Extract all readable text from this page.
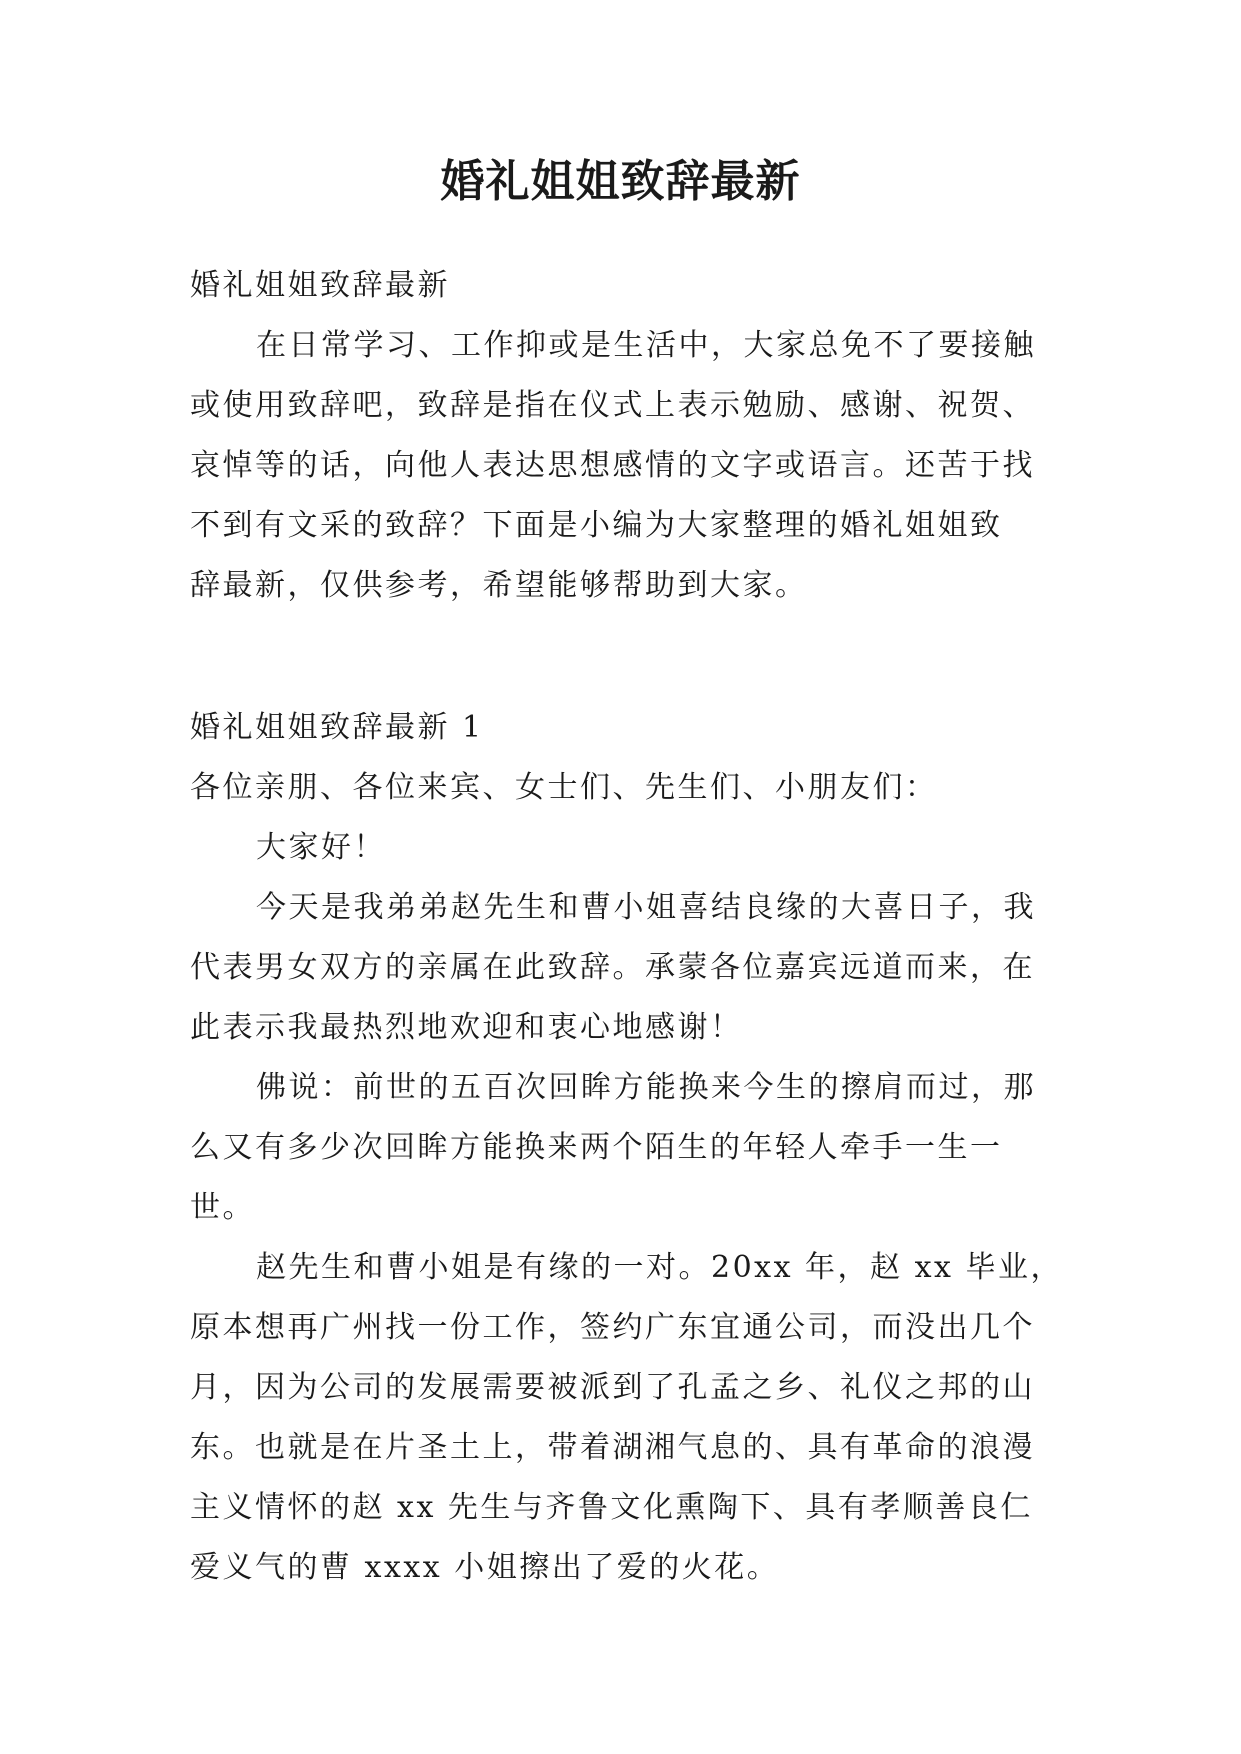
婚礼姐姐致辞最新
婚礼姐姐致辞最新
在日常学习、工作抑或是生活中，大家总免不了要接触
或使用致辞吧，致辞是指在仪式上表示勉励、感谢、祝贺、
哀悼等的话，向他人表达思想感情的文字或语言。还苦于找
不到有文采的致辞？下面是小编为大家整理的婚礼姐姐致
辞最新，仅供参考，希望能够帮助到大家。
婚礼姐姐致辞最新 1
各位亲朋、各位来宾、女士们、先生们、小朋友们：
大家好！
今天是我弟弟赵先生和曹小姐喜结良缘的大喜日子，我
代表男女双方的亲属在此致辞。承蒙各位嘉宾远道而来，在
此表示我最热烈地欢迎和衷心地感谢！
佛说：前世的五百次回眸方能换来今生的擦肩而过，那
么又有多少次回眸方能换来两个陌生的年轻人牵手一生一
世。
赵先生和曹小姐是有缘的一对。20xx 年，赵 xx 毕业，
原本想再广州找一份工作，签约广东宜通公司，而没出几个
月，因为公司的发展需要被派到了孔孟之乡、礼仪之邦的山
东。也就是在片圣土上，带着湖湘气息的、具有革命的浪漫
主义情怀的赵 xx 先生与齐鲁文化熏陶下、具有孝顺善良仁
爱义气的曹 xxxx 小姐擦出了爱的火花。
